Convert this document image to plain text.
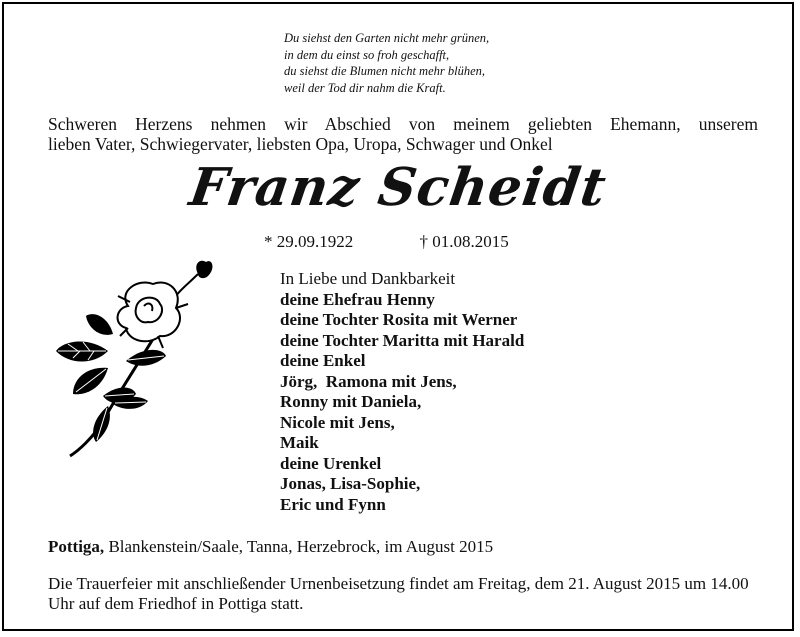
Du siehst den Garten nicht mehr grünen,
in dem du einst so froh geschafft,
du siehst die Blumen nicht mehr blühen,
weil der Tod dir nahm die Kraft.
Schweren Herzens nehmen wir Abschied von meinem geliebten Ehemann, unserem
lieben Vater, Schwiegervater, liebsten Opa, Uropa, Schwager und Onkel
Franz Scheidt
* 29.09.1922	† 01.08.2015
In Liebe und Dankbarkeit
deine Ehefrau Henny
deine Tochter Rosita mit Werner
deine Tochter Maritta mit Harald
deine Enkel
Jörg,  Ramona mit Jens,
Ronny mit Daniela,
Nicole mit Jens,
Maik
deine Urenkel
Jonas, Lisa-Sophie,
Eric und Fynn
Pottiga, Blankenstein/Saale, Tanna, Herzebrock, im August 2015
Die Trauerfeier mit anschließender Urnenbeisetzung findet am Freitag, dem 21. August 2015 um 14.00 Uhr auf dem Friedhof in Pottiga statt.
